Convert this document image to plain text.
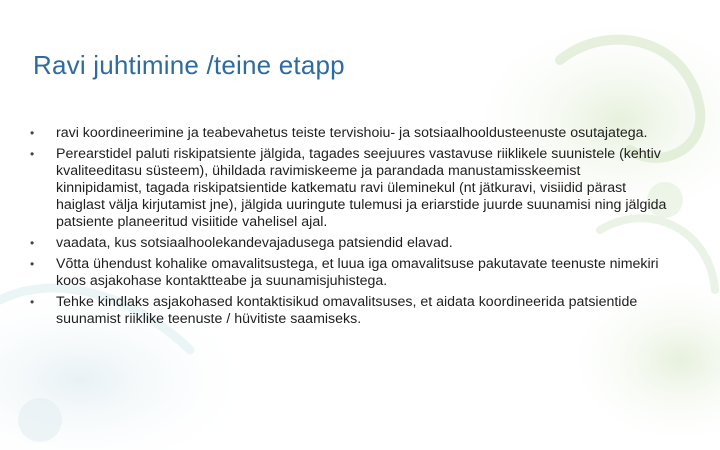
Ravi juhtimine /teine etapp
•	ravi koordineerimine ja teabevahetus teiste tervishoiu- ja sotsiaalhooldusteenuste osutajatega.
•	Perearstidel paluti riskipatsiente jälgida, tagades seejuures vastavuse riiklikele suunistele (kehtiv kvaliteeditasu süsteem), ühildada ravimiskeeme ja parandada manustamisskeemist kinnipidamist, tagada riskipatsientide katkematu ravi üleminekul (nt jätkuravi, visiidid pärast haiglast välja kirjutamist jne), jälgida uuringute tulemusi ja eriarstide juurde suunamisi ning jälgida patsiente planeeritud visiitide vahelisel ajal.
•	vaadata, kus sotsiaalhoolekandevajadusega patsiendid elavad.
•	Võtta ühendust kohalike omavalitsustega, et luua iga omavalitsuse pakutavate teenuste nimekiri koos asjakohase kontaktteabe ja suunamisjuhistega.
•	Tehke kindlaks asjakohased kontaktisikud omavalitsuses, et aidata koordineerida patsientide suunamist riiklike teenuste / hüvitiste saamiseks.
